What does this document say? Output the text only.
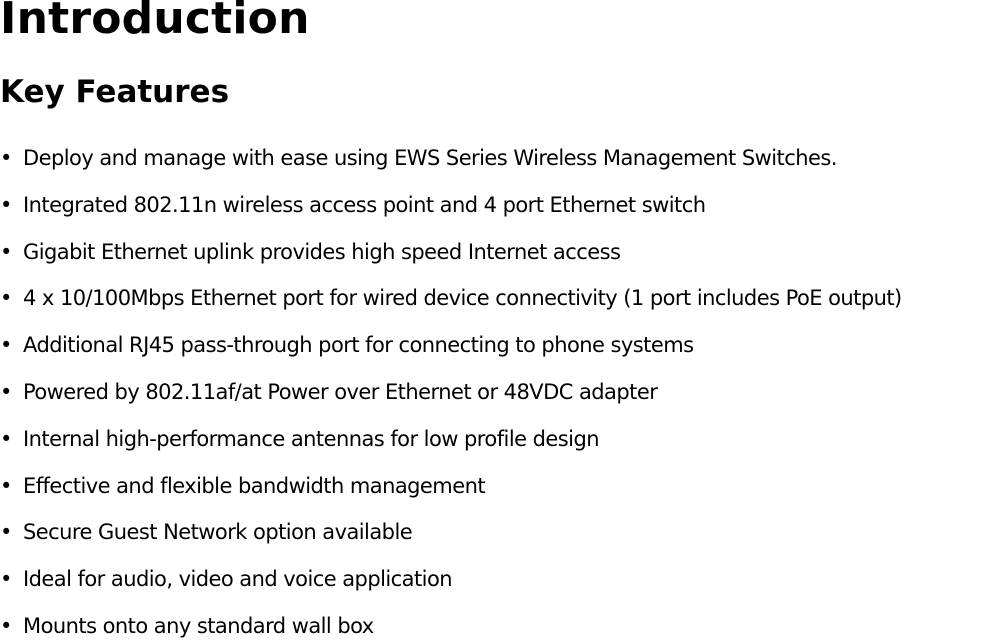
Introduction
Key Features
• Deploy and manage with ease using EWS Series Wireless Management Switches.
• Integrated 802.11n wireless access point and 4 port Ethernet switch
• Gigabit Ethernet uplink provides high speed Internet access
• 4 x 10/100Mbps Ethernet port for wired device connectivity (1 port includes PoE output)
• Additional RJ45 pass-through port for connecting to phone systems
• Powered by 802.11af/at Power over Ethernet or 48VDC adapter
• Internal high-performance antennas for low profile design
• Effective and flexible bandwidth management
• Secure Guest Network option available
• Ideal for audio, video and voice application
• Mounts onto any standard wall box
